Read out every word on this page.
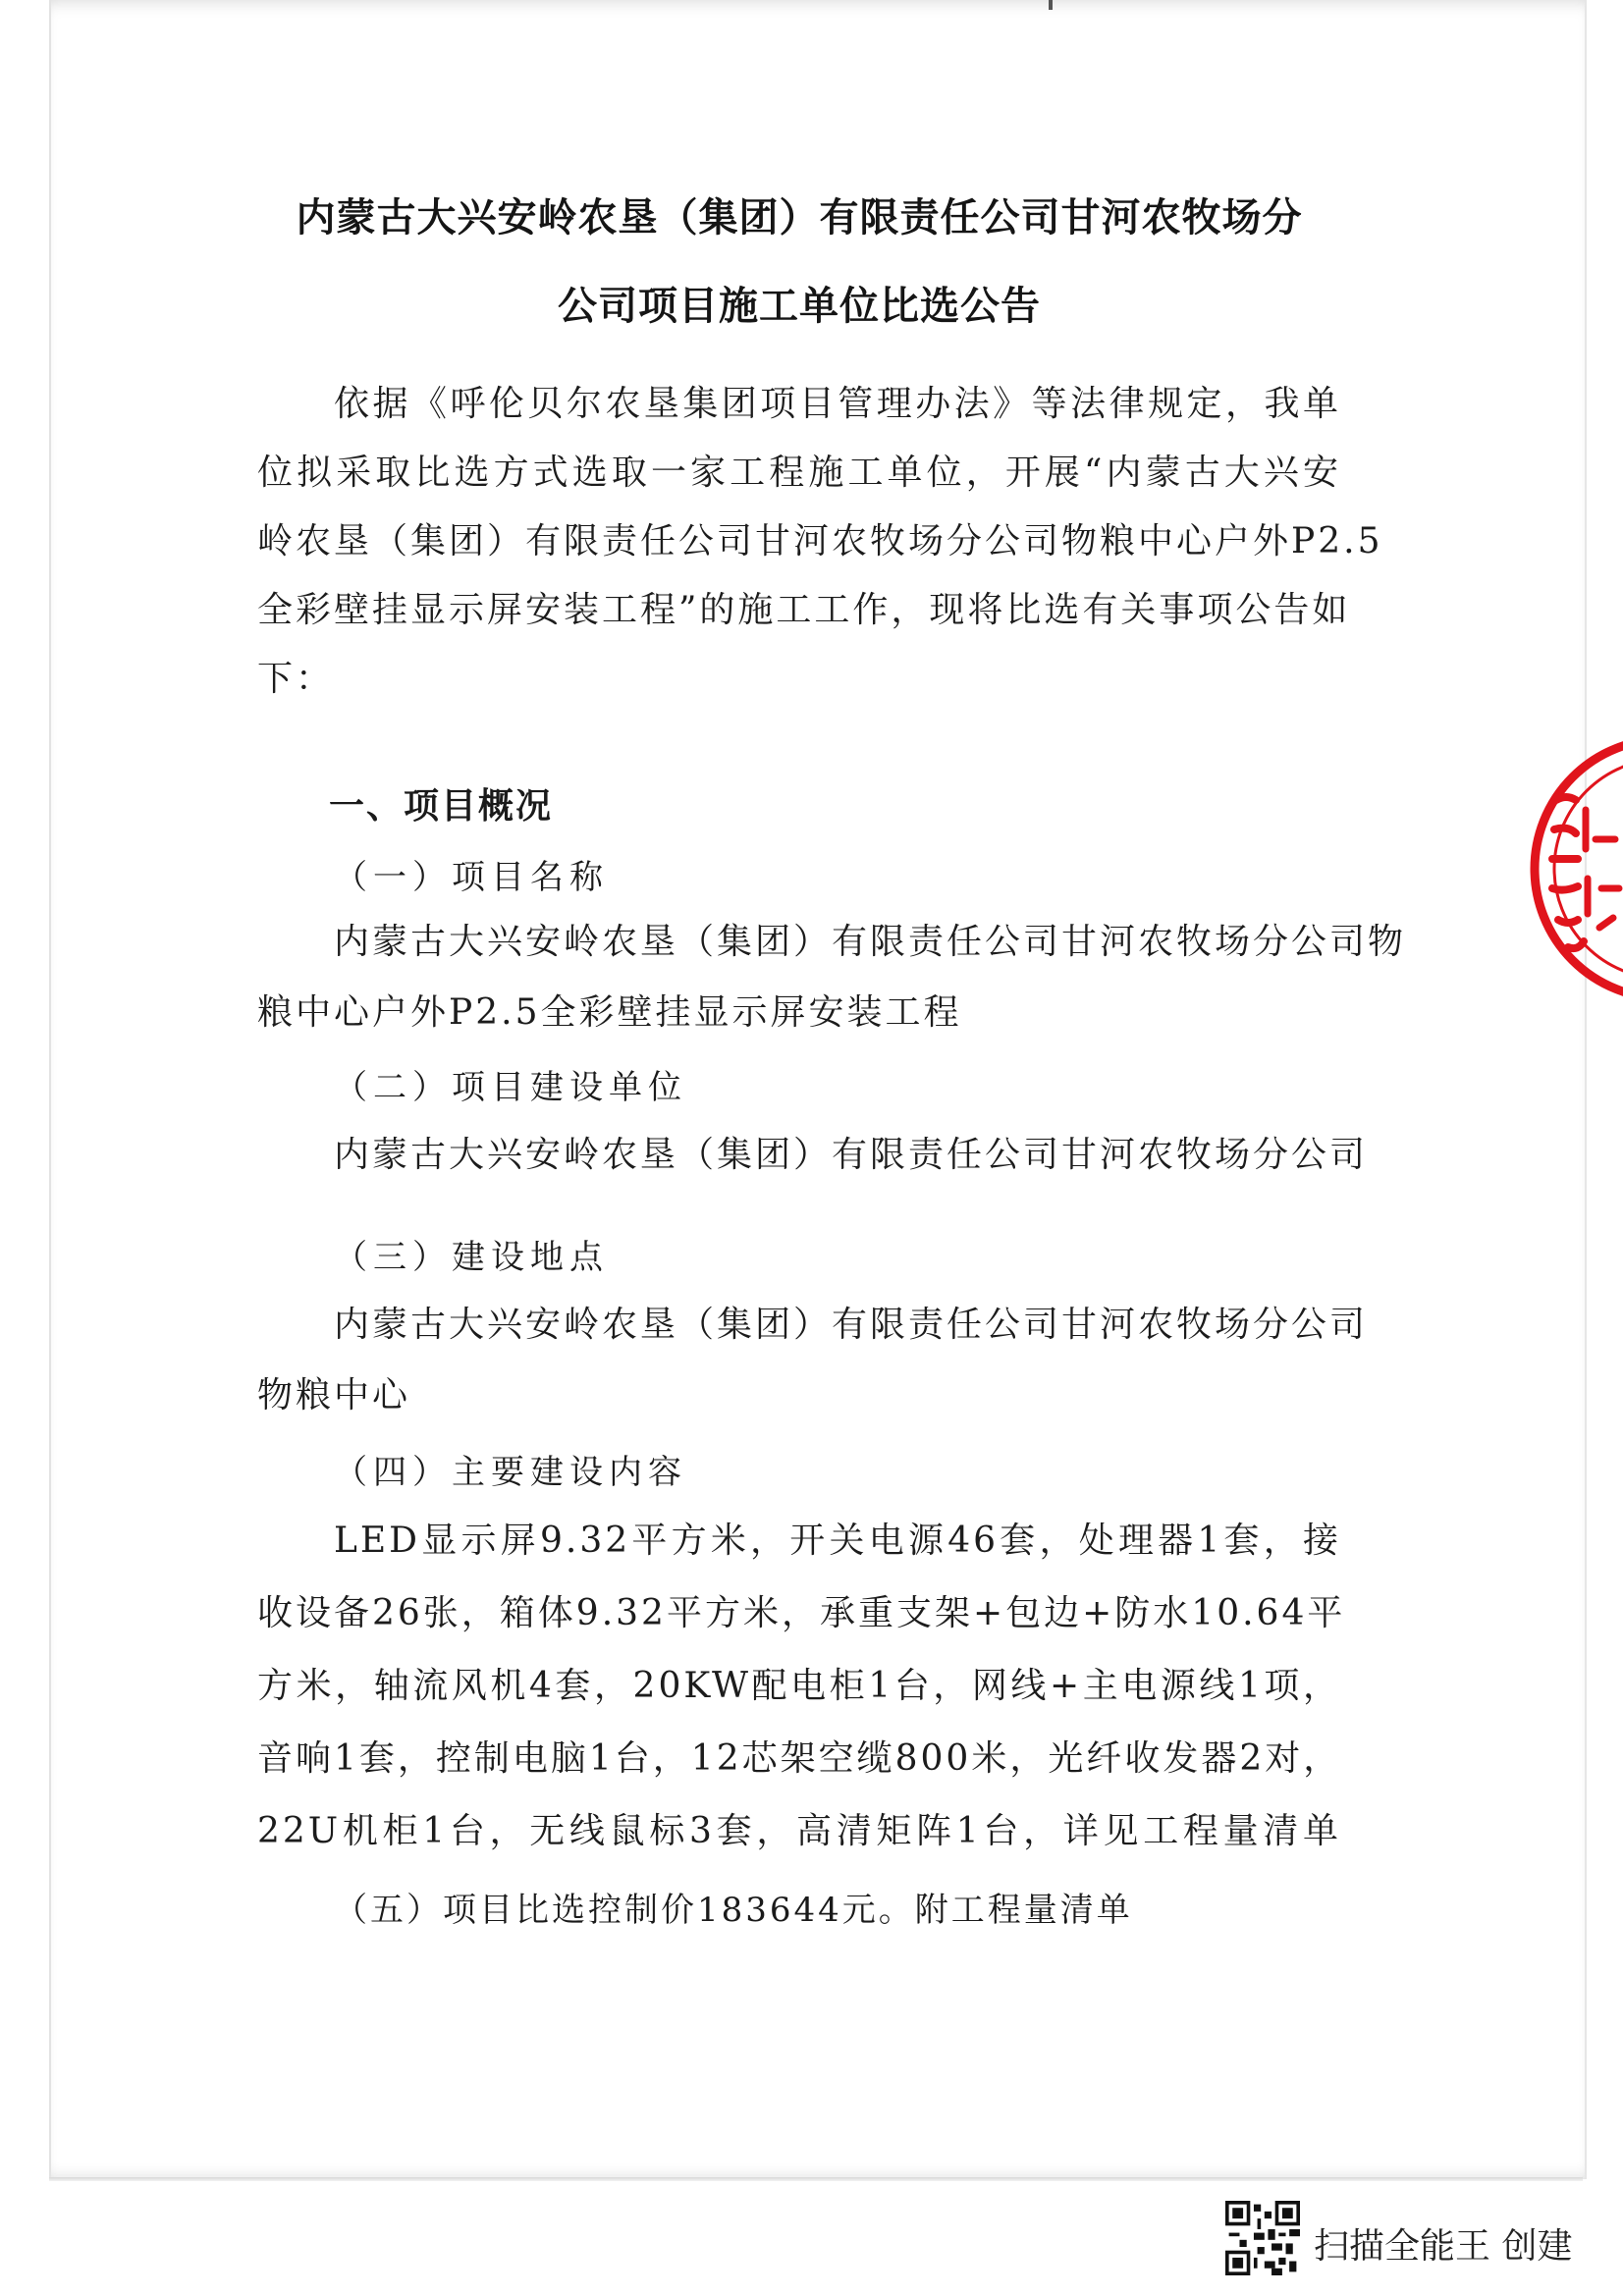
内蒙古大兴安岭农垦（集团）有限责任公司甘河农牧场分
公司项目施工单位比选公告

依据《呼伦贝尔农垦集团项目管理办法》等法律规定，我单

位拟采取比选方式选取一家工程施工单位，开展“内蒙古大兴安

岭农垦（集团）有限责任公司甘河农牧场分公司物粮中心户外P2.5

全彩壁挂显示屏安装工程”的施工工作，现将比选有关事项公告如

下：

一、项目概况

（一）项目名称

内蒙古大兴安岭农垦（集团）有限责任公司甘河农牧场分公司物

粮中心户外P2.5全彩壁挂显示屏安装工程

（二）项目建设单位

内蒙古大兴安岭农垦（集团）有限责任公司甘河农牧场分公司

（三）建设地点

内蒙古大兴安岭农垦（集团）有限责任公司甘河农牧场分公司

物粮中心

（四）主要建设内容

LED显示屏9.32平方米，开关电源46套，处理器1套，接

收设备26张，箱体9.32平方米，承重支架+包边+防水10.64平

方米，轴流风机4套，20KW配电柜1台，网线+主电源线1项，

音响1套，控制电脑1台，12芯架空缆800米，光纤收发器2对，

22U机柜1台，无线鼠标3套，高清矩阵1台，详见工程量清单

（五）项目比选控制价183644元。附工程量清单

扫描全能王 创建
